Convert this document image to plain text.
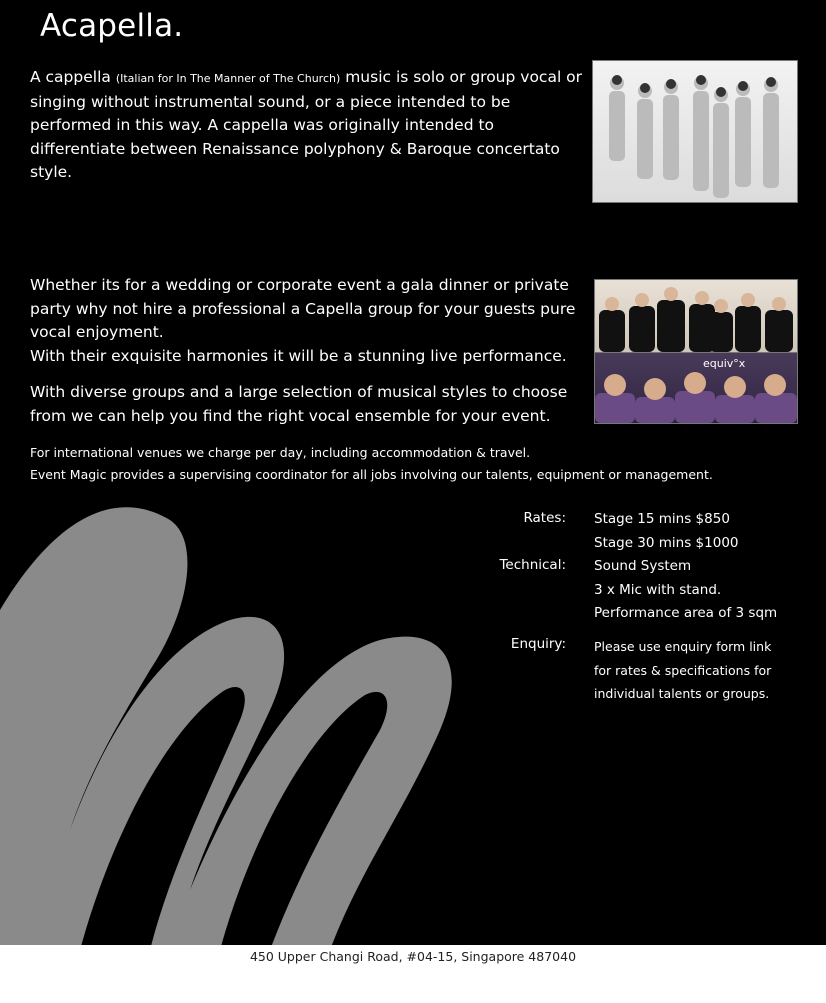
Acapella.
A cappella (Italian for In The Manner of The Church) music is solo or group vocal or singing without instrumental sound, or a piece intended to be performed in this way. A cappella was originally intended to differentiate between Renaissance polyphony & Baroque concertato style.
Whether its for a wedding or corporate event a gala dinner or private party why not hire a professional a Capella group for your guests pure vocal enjoyment.
With their exquisite harmonies it will be a stunning live performance.	equiv°x
With diverse groups and a large selection of musical styles to choose from we can help you find the right vocal ensemble for your event.
For international venues we charge per day, including accommodation & travel.
Event Magic provides a supervising coordinator for all jobs involving our talents, equipment or management.
Rates: Stage 15 mins $850
Stage 30 mins $1000
Technical: Sound System
3 x Mic with stand.
Performance area of 3 sqm
Enquiry: Please use enquiry form link
for rates & specifications for
individual talents or groups.
450 Upper Changi Road, #04-15, Singapore 487040
